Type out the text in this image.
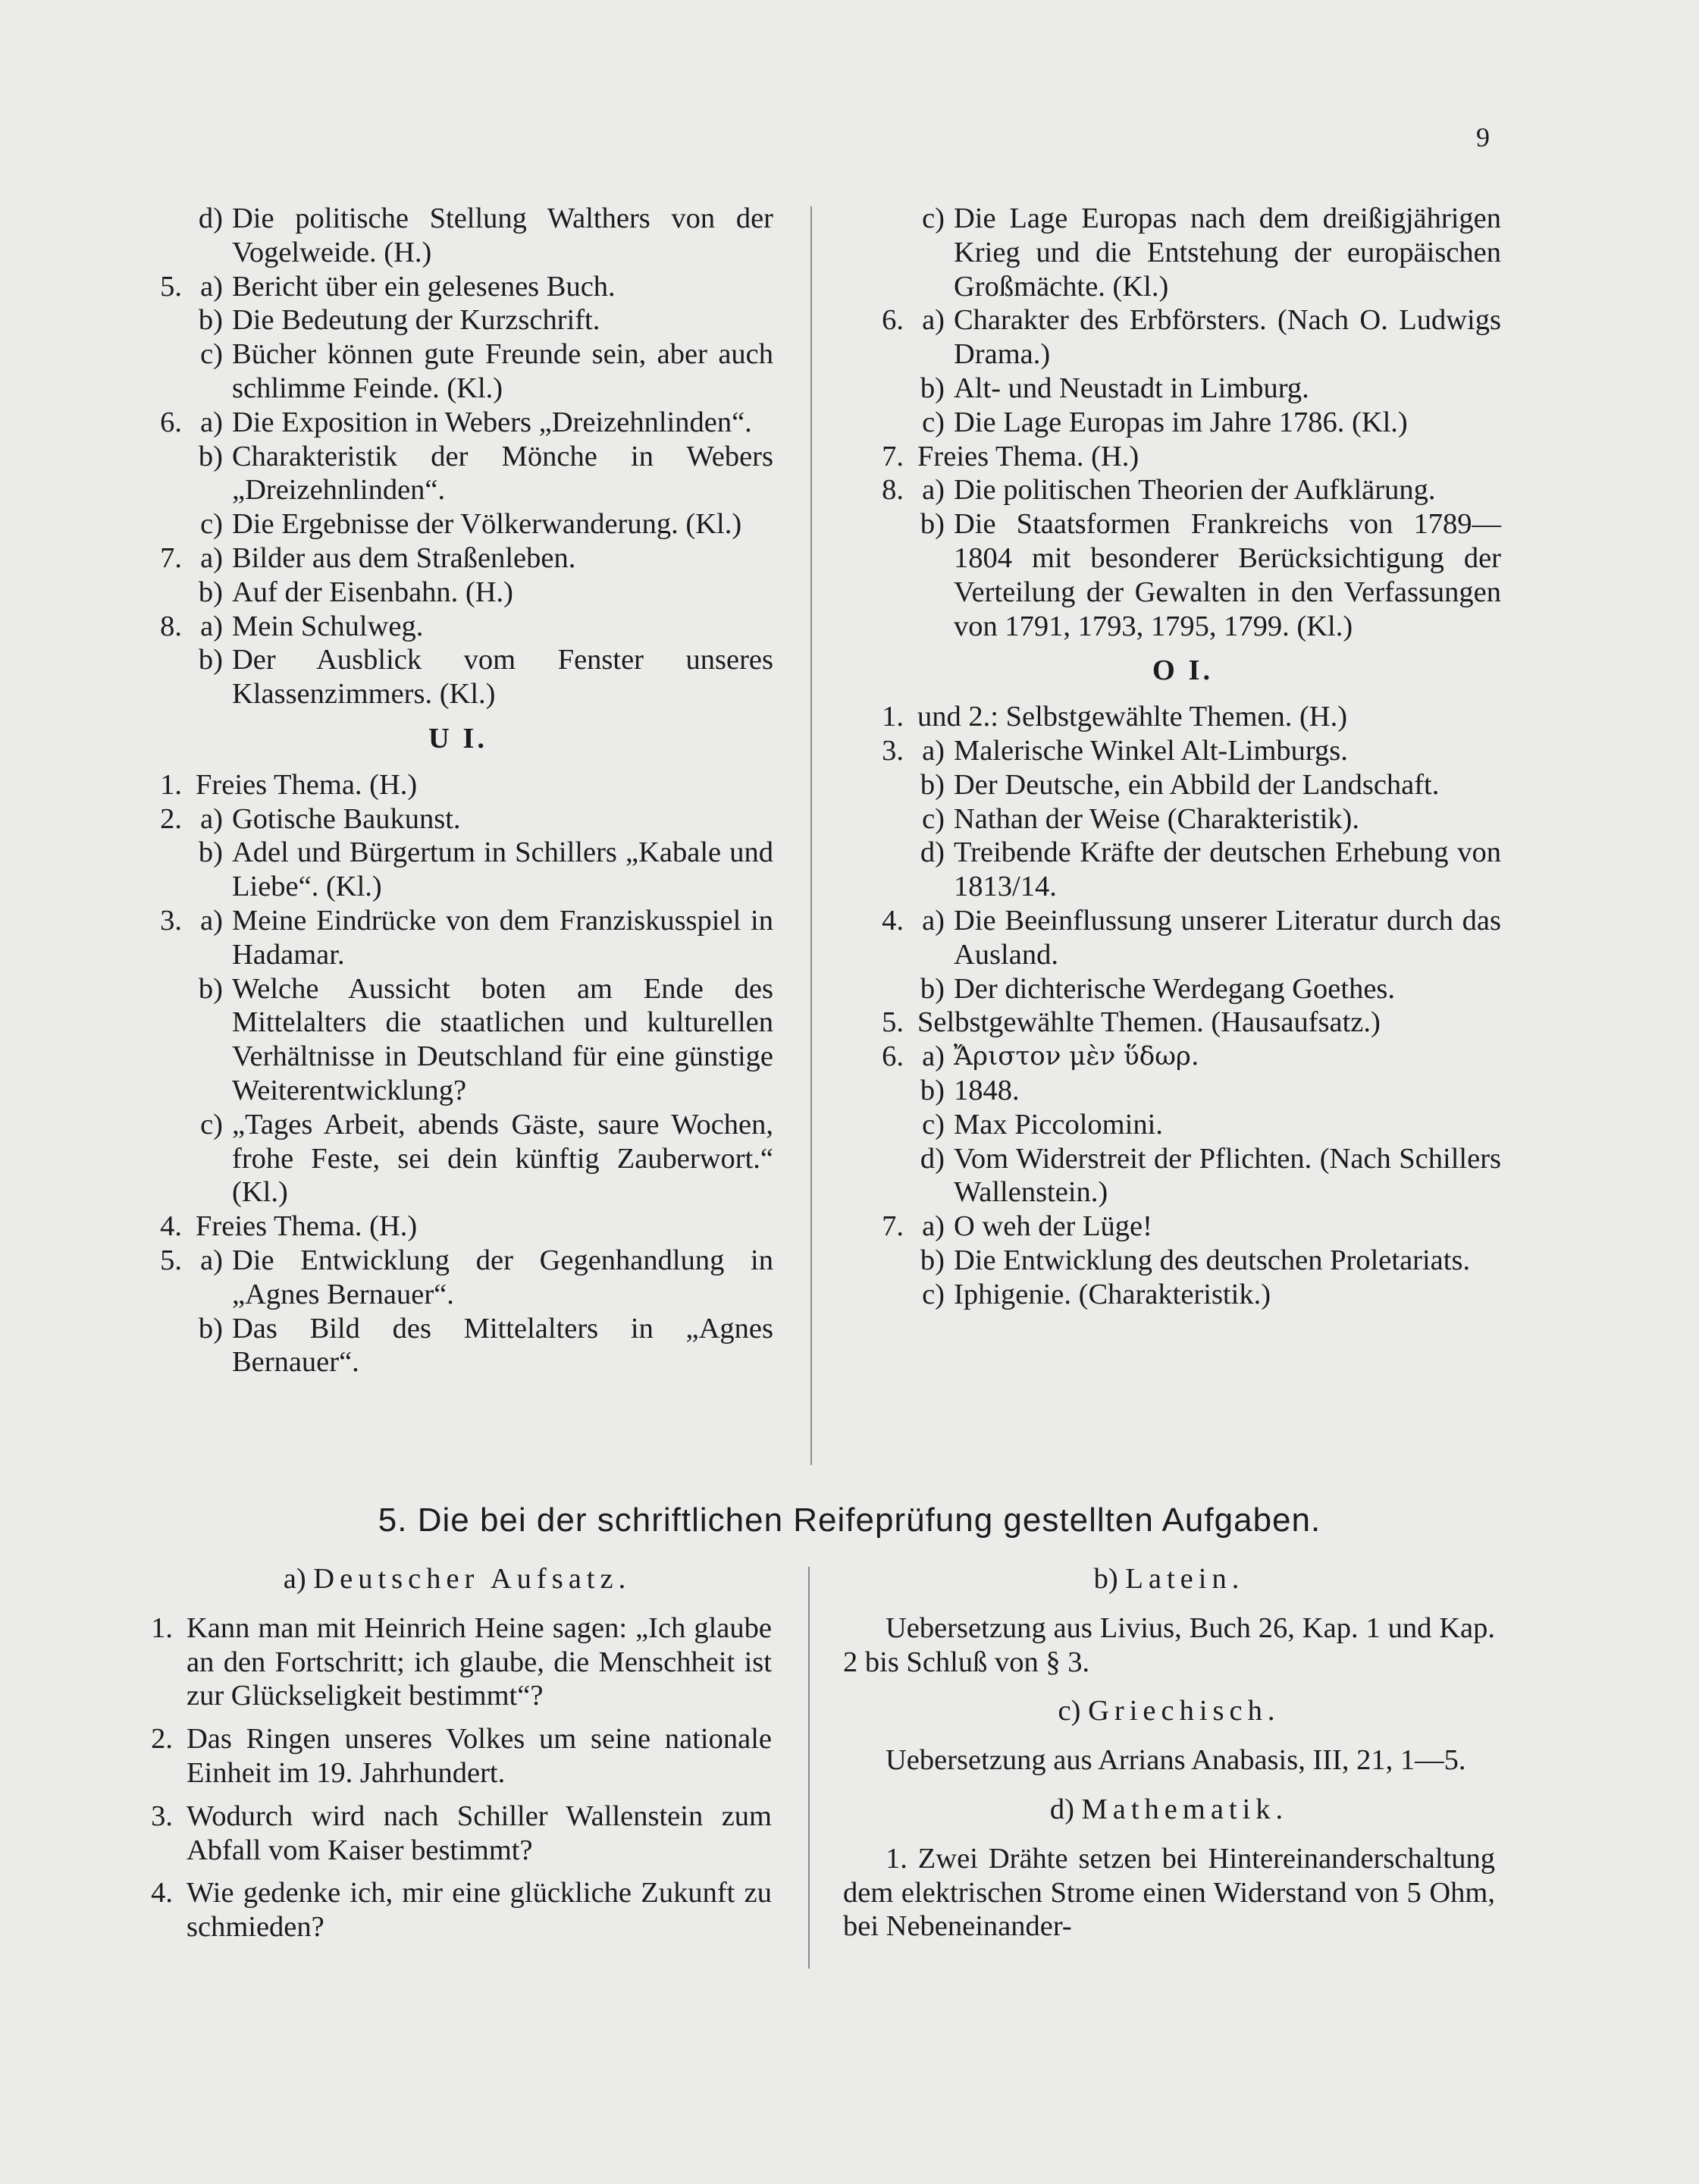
9
d) Die politische Stellung Walthers von der Vogelweide. (H.)
5. a) Bericht über ein gelesenes Buch.
b) Die Bedeutung der Kurzschrift.
c) Bücher können gute Freunde sein, aber auch schlimme Feinde. (Kl.)
6. a) Die Exposition in Webers „Dreizehnlinden“.
b) Charakteristik der Mönche in Webers „Dreizehnlinden“.
c) Die Ergebnisse der Völkerwanderung. (Kl.)
7. a) Bilder aus dem Straßenleben.
b) Auf der Eisenbahn. (H.)
8. a) Mein Schulweg.
b) Der Ausblick vom Fenster unseres Klassenzimmers. (Kl.)
U I.
1. Freies Thema. (H.)
2. a) Gotische Baukunst.
b) Adel und Bürgertum in Schillers „Kabale und Liebe“. (Kl.)
3. a) Meine Eindrücke von dem Franziskusspiel in Hadamar.
b) Welche Aussicht boten am Ende des Mittelalters die staatlichen und kulturellen Verhältnisse in Deutschland für eine günstige Weiterentwicklung?
c) „Tages Arbeit, abends Gäste, saure Wochen, frohe Feste, sei dein künftig Zauberwort.“ (Kl.)
4. Freies Thema. (H.)
5. a) Die Entwicklung der Gegenhandlung in „Agnes Bernauer“.
b) Das Bild des Mittelalters in „Agnes Bernauer“.
c) Die Lage Europas nach dem dreißigjährigen Krieg und die Entstehung der europäischen Großmächte. (Kl.)
6. a) Charakter des Erbförsters. (Nach O. Ludwigs Drama.)
b) Alt- und Neustadt in Limburg.
c) Die Lage Europas im Jahre 1786. (Kl.)
7. Freies Thema. (H.)
8. a) Die politischen Theorien der Aufklärung.
b) Die Staatsformen Frankreichs von 1789—1804 mit besonderer Berücksichtigung der Verteilung der Gewalten in den Verfassungen von 1791, 1793, 1795, 1799. (Kl.)
O I.
1. und 2.: Selbstgewählte Themen. (H.)
3. a) Malerische Winkel Alt-Limburgs.
b) Der Deutsche, ein Abbild der Landschaft.
c) Nathan der Weise (Charakteristik).
d) Treibende Kräfte der deutschen Erhebung von 1813/14.
4. a) Die Beeinflussung unserer Literatur durch das Ausland.
b) Der dichterische Werdegang Goethes.
5. Selbstgewählte Themen. (Hausaufsatz.)
6. a) Ἄριστον μὲν ὕδωρ.
b) 1848.
c) Max Piccolomini.
d) Vom Widerstreit der Pflichten. (Nach Schillers Wallenstein.)
7. a) O weh der Lüge!
b) Die Entwicklung des deutschen Proletariats.
c) Iphigenie. (Charakteristik.)
5. Die bei der schriftlichen Reifeprüfung gestellten Aufgaben.
a) Deutscher Aufsatz.
1. Kann man mit Heinrich Heine sagen: „Ich glaube an den Fortschritt; ich glaube, die Menschheit ist zur Glückseligkeit bestimmt“?
2. Das Ringen unseres Volkes um seine nationale Einheit im 19. Jahrhundert.
3. Wodurch wird nach Schiller Wallenstein zum Abfall vom Kaiser bestimmt?
4. Wie gedenke ich, mir eine glückliche Zukunft zu schmieden?
b) Latein.

Uebersetzung aus Livius, Buch 26, Kap. 1 und Kap. 2 bis Schluß von § 3.

c) Griechisch.

Uebersetzung aus Arrians Anabasis, III, 21, 1—5.

d) Mathematik.

1. Zwei Drähte setzen bei Hintereinanderschaltung dem elektrischen Strome einen Widerstand von 5 Ohm, bei Nebeneinander-
